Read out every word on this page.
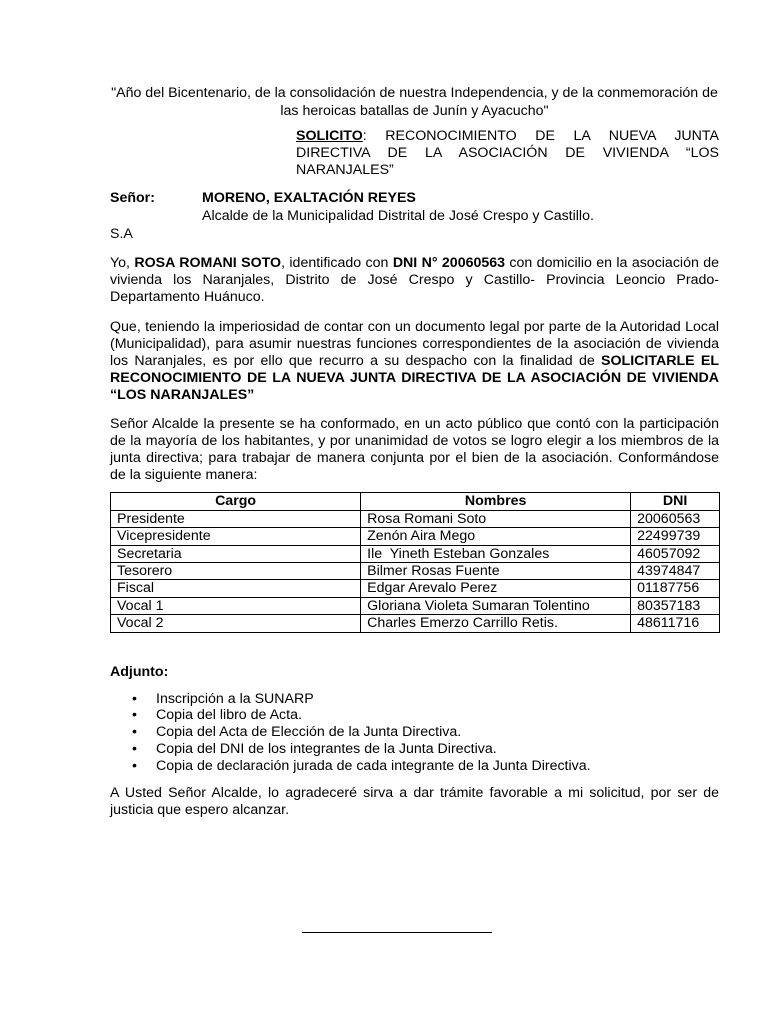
"Año del Bicentenario, de la consolidación de nuestra Independencia, y de la conmemoración de las heroicas batallas de Junín y Ayacucho"

SOLICITO: RECONOCIMIENTO DE LA NUEVA JUNTA DIRECTIVA DE LA ASOCIACIÓN DE VIVIENDA “LOS NARANJALES”
Señor:	MORENO, EXALTACIÓN REYES
Alcalde de la Municipalidad Distrital de José Crespo y Castillo.
S.A

Yo, ROSA ROMANI SOTO, identificado con DNI N° 20060563 con domicilio en la asociación de vivienda los Naranjales, Distrito de José Crespo y Castillo- Provincia Leoncio Prado-Departamento Huánuco.

Que, teniendo la imperiosidad de contar con un documento legal por parte de la Autoridad Local (Municipalidad), para asumir nuestras funciones correspondientes de la asociación de vivienda los Naranjales, es por ello que recurro a su despacho con la finalidad de SOLICITARLE EL RECONOCIMIENTO DE LA NUEVA JUNTA DIRECTIVA DE LA ASOCIACIÓN DE VIVIENDA “LOS NARANJALES”

Señor Alcalde la presente se ha conformado, en un acto público que contó con la participación de la mayoría de los habitantes, y por unanimidad de votos se logro elegir a los miembros de la junta directiva; para trabajar de manera conjunta por el bien de la asociación. Conformándose de la siguiente manera:

Cargo	Nombres	DNI
Presidente	Rosa Romani Soto	20060563
Vicepresidente	Zenón Aira Mego	22499739
Secretaria	Ile  Yineth Esteban Gonzales	46057092
Tesorero	Bilmer Rosas Fuente	43974847
Fiscal	Edgar Arevalo Perez	01187756
Vocal 1	Gloriana Violeta Sumaran Tolentino	80357183
Vocal 2	Charles Emerzo Carrillo Retis.	48611716
Adjunto:
• Inscripción a la SUNARP
• Copia del libro de Acta.
• Copia del Acta de Elección de la Junta Directiva.
• Copia del DNI de los integrantes de la Junta Directiva.
• Copia de declaración jurada de cada integrante de la Junta Directiva.

A Usted Señor Alcalde, lo agradeceré sirva a dar trámite favorable a mi solicitud, por ser de justicia que espero alcanzar.
